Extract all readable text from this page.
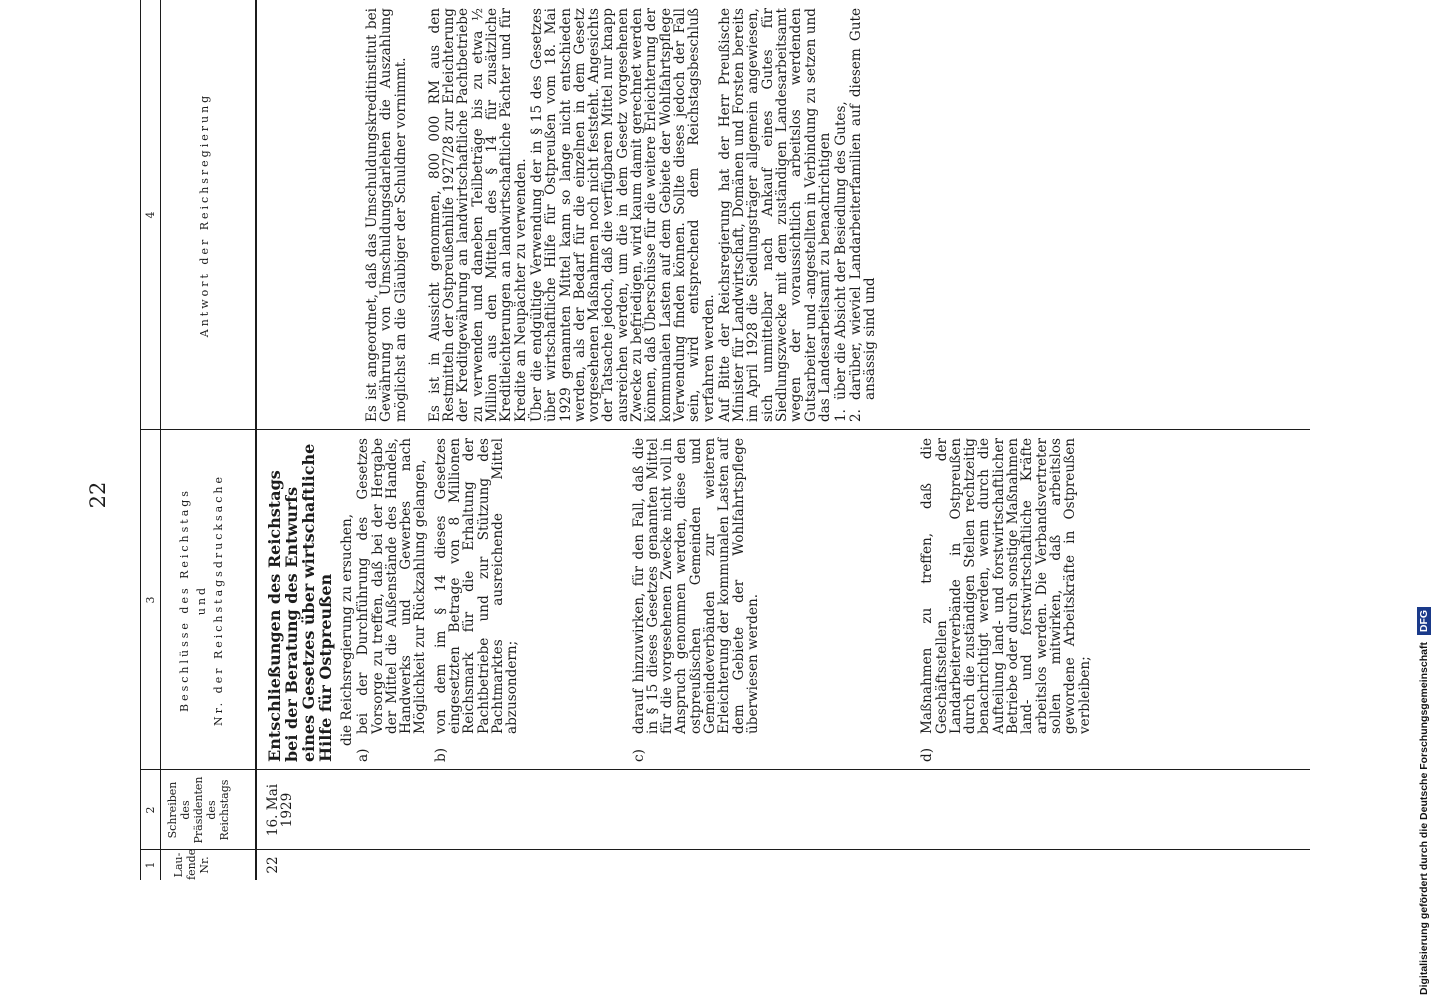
22
1
2
3
4
Lau- fende Nr.
Schreiben des Präsidenten des Reichstags
Beschlüsse des Reichstags und Nr. der Reichstagsdrucksache
Antwort der Reichsregierung
22
16. Mai
1929
Entschließungen des Reichstags bei der Beratung des Entwurfs eines Gesetzes über wirtschaftliche Hilfe für Ostpreußen die Reichsregierung zu ersuchen,

a)

bei der Durchführung des Gesetzes Vorsorge zu treffen, daß bei der Hergabe der Mittel die Außenstände des Handels, Handwerks und Gewerbes nach Möglichkeit zur Rückzahlung gelangen,

b)

von dem im § 14 dieses Gesetzes eingesetzten Betrage von 8 Millionen Reichsmark für die Erhaltung der Pachtbetriebe und zur Stützung des Pachtmarktes ausreichende Mittel abzusondern;

c)

darauf hinzuwirken, für den Fall, daß die in § 15 dieses Gesetzes genannten Mittel für die vorgesehenen Zwecke nicht voll in Anspruch genommen werden, diese den ostpreußischen Gemeinden und Gemeindeverbänden zur weiteren Erleichterung der kommunalen Lasten auf dem Gebiete der Wohlfahrtspflege überwiesen werden.

d)

Maßnahmen zu treffen, daß die Geschäftsstellen der Landarbeiterverbände in Ostpreußen durch die zuständigen Stellen rechtzeitig benachrichtigt werden, wenn durch die Aufteilung land- und forstwirtschaftlicher Betriebe oder durch sonstige Maßnahmen land- und forstwirtschaftliche Kräfte arbeitslos werden. Die Verbandsvertreter sollen mitwirken, daß arbeitslos gewordene Arbeitskräfte in Ostpreußen verbleiben;

Es ist angeordnet, daß das Umschuldungskreditinstitut bei Gewährung von Umschuldungsdarlehen die Auszahlung möglichst an die Gläubiger der Schuldner vornimmt. Es ist in Aussicht genommen, 800 000 RM aus den Restmitteln der Ostpreußenhilfe 1927/28 zur Erleichterung der Kreditgewährung an landwirtschaftliche Pachtbetriebe zu verwenden und daneben Teilbeträge bis zu etwa ½ Million aus den Mitteln des § 14 für zusätzliche Kreditleichterungen an landwirtschaftliche Pächter und für Kredite an Neupächter zu verwenden. Über die endgültige Verwendung der in § 15 des Gesetzes über wirtschaftliche Hilfe für Ostpreußen vom 18. Mai 1929 genannten Mittel kann so lange nicht entschieden werden, als der Bedarf für die einzelnen in dem Gesetz vorgesehenen Maßnahmen noch nicht feststeht. Angesichts der Tatsache jedoch, daß die verfügbaren Mittel nur knapp ausreichen werden, um die in dem Gesetz vorgesehenen Zwecke zu befriedigen, wird kaum damit gerechnet werden können, daß Überschüsse für die weitere Erleichterung der kommunalen Lasten auf dem Gebiete der Wohlfahrtspflege Verwendung finden können. Sollte dieses jedoch der Fall sein, wird entsprechend dem Reichstagsbeschluß verfahren werden. Auf Bitte der Reichsregierung hat der Herr Preußische Minister für Landwirtschaft, Domänen und Forsten bereits im April 1928 die Siedlungsträger allgemein angewiesen, sich unmittelbar nach Ankauf eines Gutes für Siedlungszwecke mit dem zuständigen Landesarbeitsamt wegen der voraussichtlich arbeitslos werdenden Gutsarbeiter und -angestellten in Verbindung zu setzen und das Landesarbeitsamt zu benachrichtigen 1.

über die Absicht der Besiedlung des Gutes,

2.

darüber, wieviel Landarbeiterfamilien auf diesem Gute ansässig sind und

Digitalisierung gefördert durch die Deutsche Forschungsgemeinschaft DFG
